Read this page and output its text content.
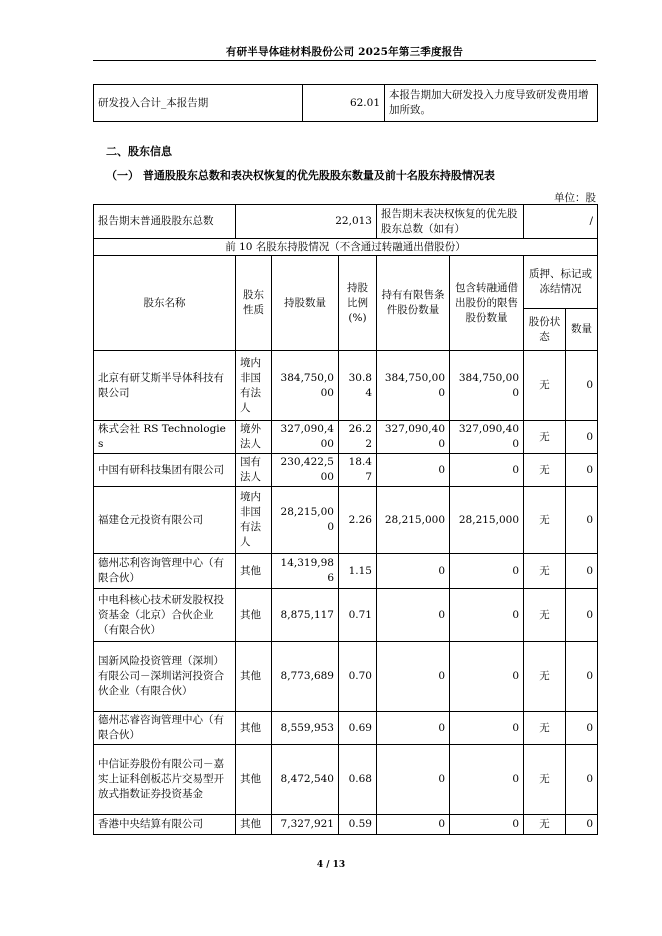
有研半导体硅材料股份公司 2025年第三季度报告
研发投入合计_本报告期	62.01	本报告期加大研发投入力度导致研发费用增加所致。
二、股东信息
（一） 普通股股东总数和表决权恢复的优先股股东数量及前十名股东持股情况表
单位：股
报告期末普通股股东总数	22,013			报告期末表决权恢复的优先股股东总数（如有）		/	
前 10 名股东持股情况（不含通过转融通出借股份）							
股东名称	股东性质	持股数量	持股比例(%)	持有有限售条件股份数量	包含转融通借出股份的限售股份数量	质押、标记或冻结情况	
						股份状态	数量
北京有研艾斯半导体科技有限公司	境内非国有法人	384,750,000	30.84	384,750,000	384,750,000	无	0
株式会社 RS Technologies	境外法人	327,090,400	26.22	327,090,400	327,090,400	无	0
中国有研科技集团有限公司	国有法人	230,422,500	18.47	0	0	无	0
福建仓元投资有限公司	境内非国有法人	28,215,000	2.26	28,215,000	28,215,000	无	0
德州芯利咨询管理中心（有限合伙）	其他	14,319,986	1.15	0	0	无	0
中电科核心技术研发股权投资基金（北京）合伙企业（有限合伙）	其他	8,875,117	0.71	0	0	无	0
国新风险投资管理（深圳）有限公司－深圳诺河投资合伙企业（有限合伙）	其他	8,773,689	0.70	0	0	无	0
德州芯睿咨询管理中心（有限合伙）	其他	8,559,953	0.69	0	0	无	0
中信证券股份有限公司－嘉实上证科创板芯片交易型开放式指数证券投资基金	其他	8,472,540	0.68	0	0	无	0
香港中央结算有限公司	其他	7,327,921	0.59	0	0	无	0
4 / 13
